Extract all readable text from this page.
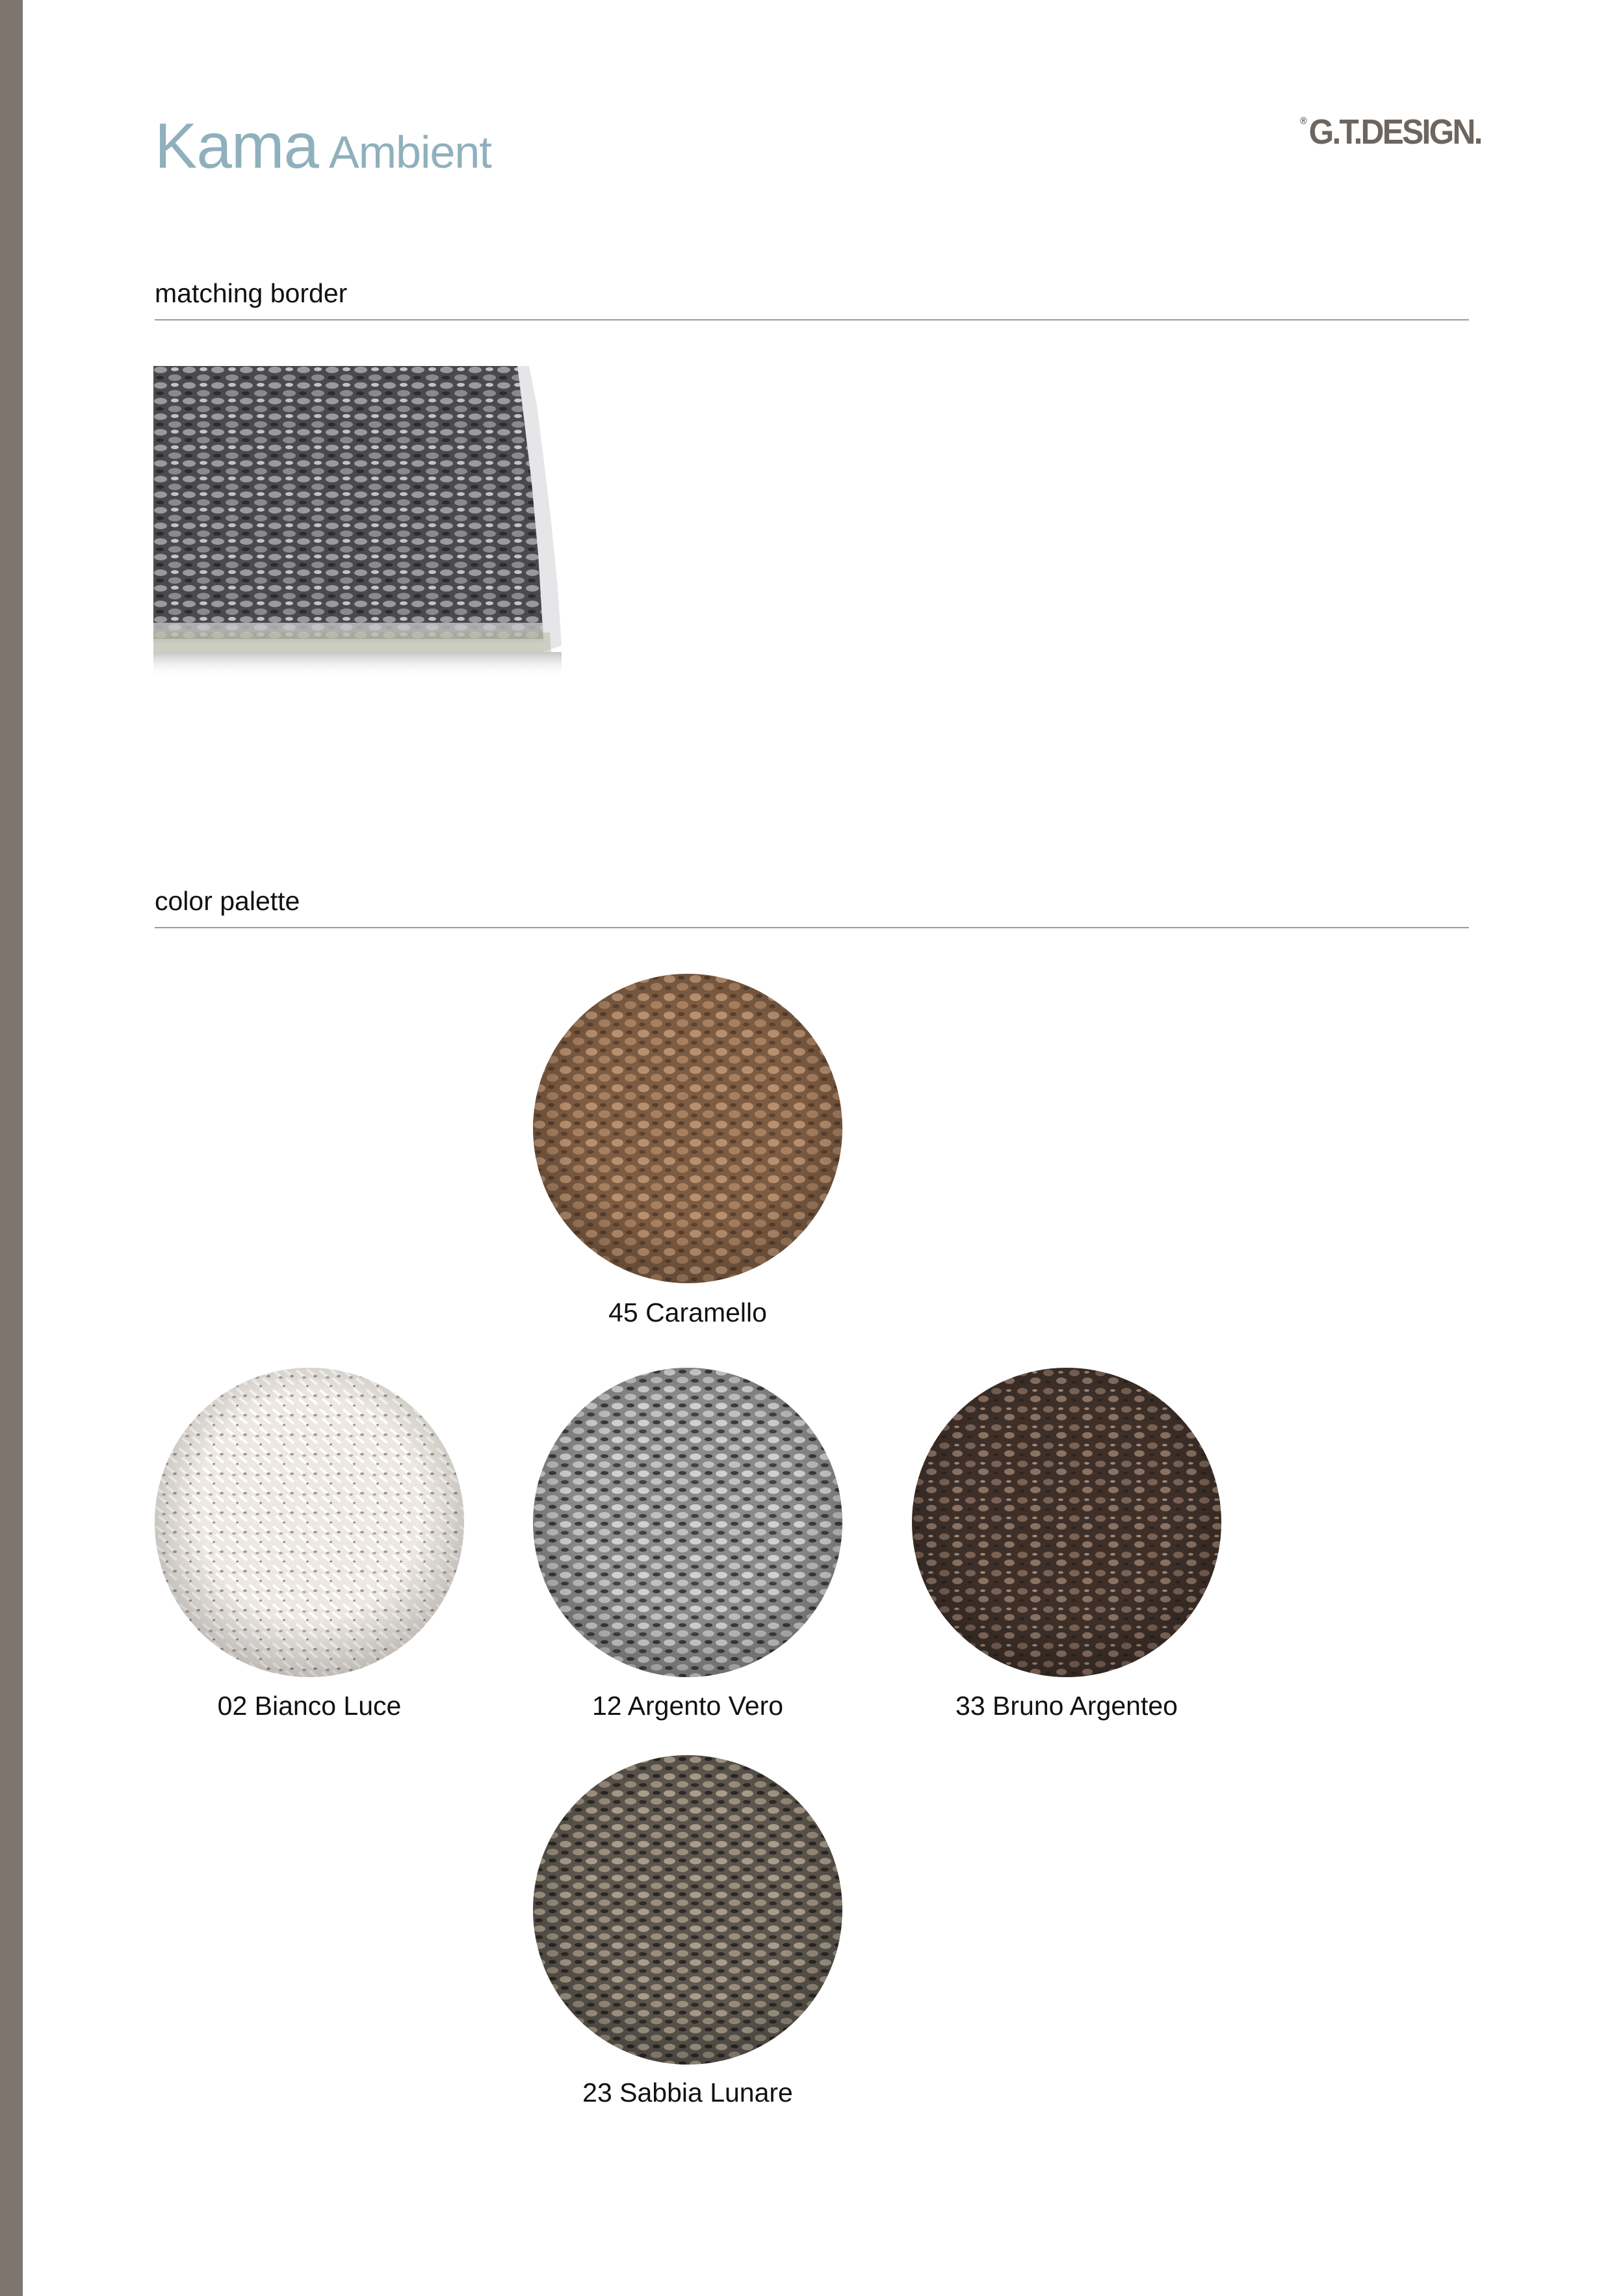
Kama Ambient
®G.T.DESIGN.
matching border
color palette
45 Caramello
02 Bianco Luce	12 Argento Vero	33 Bruno Argenteo
23 Sabbia Lunare
